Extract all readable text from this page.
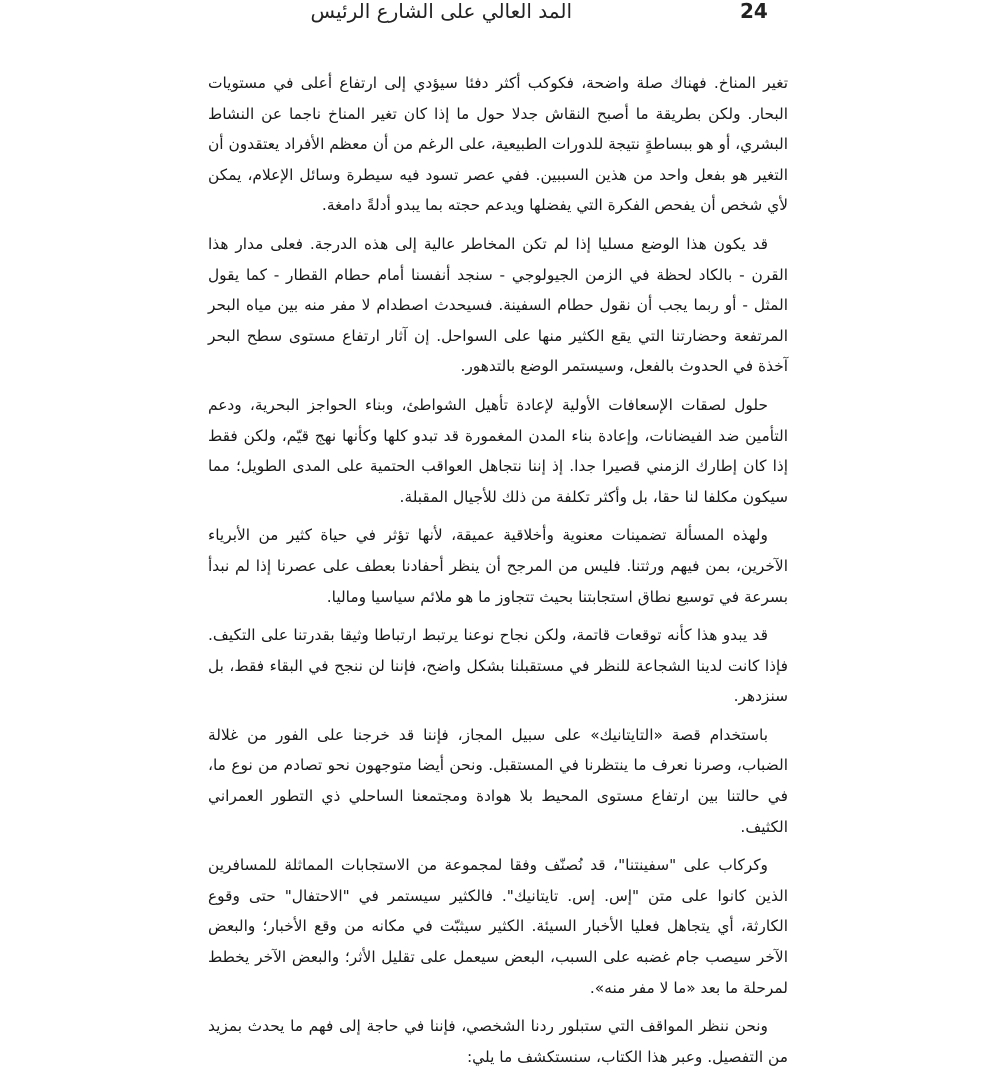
24
المد العالي على الشارع الرئيس

تغير المناخ. فهناك صلة واضحة، فكوكب أكثر دفئا سيؤدي إلى ارتفاع أعلى في مستويات البحار. ولكن بطريقة ما أصبح النقاش جدلا حول ما إذا كان تغير المناخ ناجما عن النشاط البشري، أو هو ببساطةٍ نتيجة للدورات الطبيعية، على الرغم من أن معظم الأفراد يعتقدون أن التغير هو بفعل واحد من هذين السببين. ففي عصر تسود فيه سيطرة وسائل الإعلام، يمكن لأي شخص أن يفحص الفكرة التي يفضلها ويدعم حجته بما يبدو أدلةً دامغة.

قد يكون هذا الوضع مسليا إذا لم تكن المخاطر عالية إلى هذه الدرجة. فعلى مدار هذا القرن - بالكاد لحظة في الزمن الجيولوجي - سنجد أنفسنا أمام حطام القطار - كما يقول المثل - أو ربما يجب أن نقول حطام السفينة. فسيحدث اصطدام لا مفر منه بين مياه البحر المرتفعة وحضارتنا التي يقع الكثير منها على السواحل. إن آثار ارتفاع مستوى سطح البحر آخذة في الحدوث بالفعل، وسيستمر الوضع بالتدهور.

حلول لصقات الإسعافات الأولية لإعادة تأهيل الشواطئ، وبناء الحواجز البحرية، ودعم التأمين ضد الفيضانات، وإعادة بناء المدن المغمورة قد تبدو كلها وكأنها نهج قيّم، ولكن فقط إذا كان إطارك الزمني قصيرا جدا. إذ إننا نتجاهل العواقب الحتمية على المدى الطويل؛ مما سيكون مكلفا لنا حقا، بل وأكثر تكلفة من ذلك للأجيال المقبلة.

ولهذه المسألة تضمينات معنوية وأخلاقية عميقة، لأنها تؤثر في حياة كثير من الأبرياء الآخرين، بمن فيهم ورثتنا. فليس من المرجح أن ينظر أحفادنا بعطف على عصرنا إذا لم نبدأ بسرعة في توسيع نطاق استجابتنا بحيث تتجاوز ما هو ملائم سياسيا وماليا.

قد يبدو هذا كأنه توقعات قاتمة، ولكن نجاح نوعنا يرتبط ارتباطا وثيقا بقدرتنا على التكيف. فإذا كانت لدينا الشجاعة للنظر في مستقبلنا بشكل واضح، فإننا لن ننجح في البقاء فقط، بل سنزدهر.

باستخدام قصة «التايتانيك» على سبيل المجاز، فإننا قد خرجنا على الفور من غلالة الضباب، وصرنا نعرف ما ينتظرنا في المستقبل. ونحن أيضا متوجهون نحو تصادم من نوع ما، في حالتنا بين ارتفاع مستوى المحيط بلا هوادة ومجتمعنا الساحلي ذي التطور العمراني الكثيف.

وكركاب على "سفينتنا"، قد نُصنّف وفقا لمجموعة من الاستجابات المماثلة للمسافرين الذين كانوا على متن "إس. إس. تايتانيك". فالكثير سيستمر في "الاحتفال" حتى وقوع الكارثة، أي يتجاهل فعليا الأخبار السيئة. الكثير سيثبّت في مكانه من وقع الأخبار؛ والبعض الآخر سيصب جام غضبه على السبب، البعض سيعمل على تقليل الأثر؛ والبعض الآخر يخطط لمرحلة ما بعد «ما لا مفر منه».

ونحن ننظر المواقف التي ستبلور ردنا الشخصي، فإننا في حاجة إلى فهم ما يحدث بمزيد من التفصيل. وعبر هذا الكتاب، سنستكشف ما يلي:
